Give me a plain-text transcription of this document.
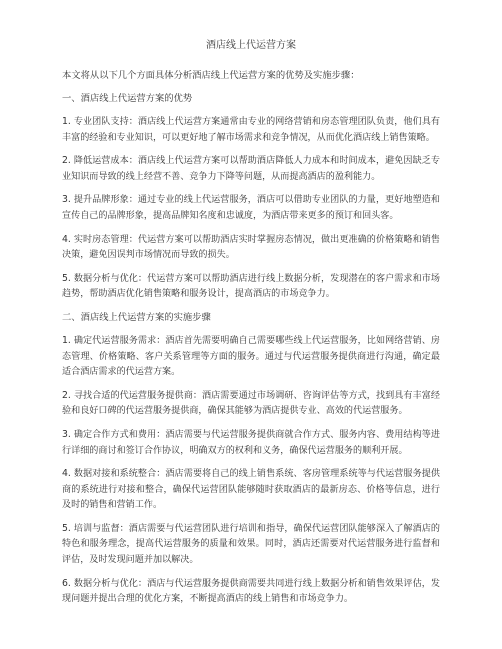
酒店线上代运营方案

本文将从以下几个方面具体分析酒店线上代运营方案的优势及实施步骤：

一、酒店线上代运营方案的优势

1. 专业团队支持：酒店线上代运营方案通常由专业的网络营销和房态管理团队负责，他们具有丰富的经验和专业知识，可以更好地了解市场需求和竞争情况，从而优化酒店线上销售策略。

2. 降低运营成本：酒店线上代运营方案可以帮助酒店降低人力成本和时间成本，避免因缺乏专业知识而导致的线上经营不善、竞争力下降等问题，从而提高酒店的盈利能力。

3. 提升品牌形象：通过专业的线上代运营服务，酒店可以借助专业团队的力量，更好地塑造和宣传自己的品牌形象，提高品牌知名度和忠诚度，为酒店带来更多的预订和回头客。

4. 实时房态管理：代运营方案可以帮助酒店实时掌握房态情况，做出更准确的价格策略和销售决策，避免因误判市场情况而导致的损失。

5. 数据分析与优化：代运营方案可以帮助酒店进行线上数据分析，发现潜在的客户需求和市场趋势，帮助酒店优化销售策略和服务设计，提高酒店的市场竞争力。

二、酒店线上代运营方案的实施步骤

1. 确定代运营服务需求：酒店首先需要明确自己需要哪些线上代运营服务，比如网络营销、房态管理、价格策略、客户关系管理等方面的服务。通过与代运营服务提供商进行沟通，确定最适合酒店需求的代运营方案。

2. 寻找合适的代运营服务提供商：酒店需要通过市场调研、咨询评估等方式，找到具有丰富经验和良好口碑的代运营服务提供商，确保其能够为酒店提供专业、高效的代运营服务。

3. 确定合作方式和费用：酒店需要与代运营服务提供商就合作方式、服务内容、费用结构等进行详细的商讨和签订合作协议，明确双方的权利和义务，确保代运营服务的顺利开展。

4. 数据对接和系统整合：酒店需要将自己的线上销售系统、客房管理系统等与代运营服务提供商的系统进行对接和整合，确保代运营团队能够随时获取酒店的最新房态、价格等信息，进行及时的销售和营销工作。

5. 培训与监督：酒店需要与代运营团队进行培训和指导，确保代运营团队能够深入了解酒店的特色和服务理念，提高代运营服务的质量和效果。同时，酒店还需要对代运营服务进行监督和评估，及时发现问题并加以解决。

6. 数据分析与优化：酒店与代运营服务提供商需要共同进行线上数据分析和销售效果评估，发现问题并提出合理的优化方案，不断提高酒店的线上销售和市场竞争力。
